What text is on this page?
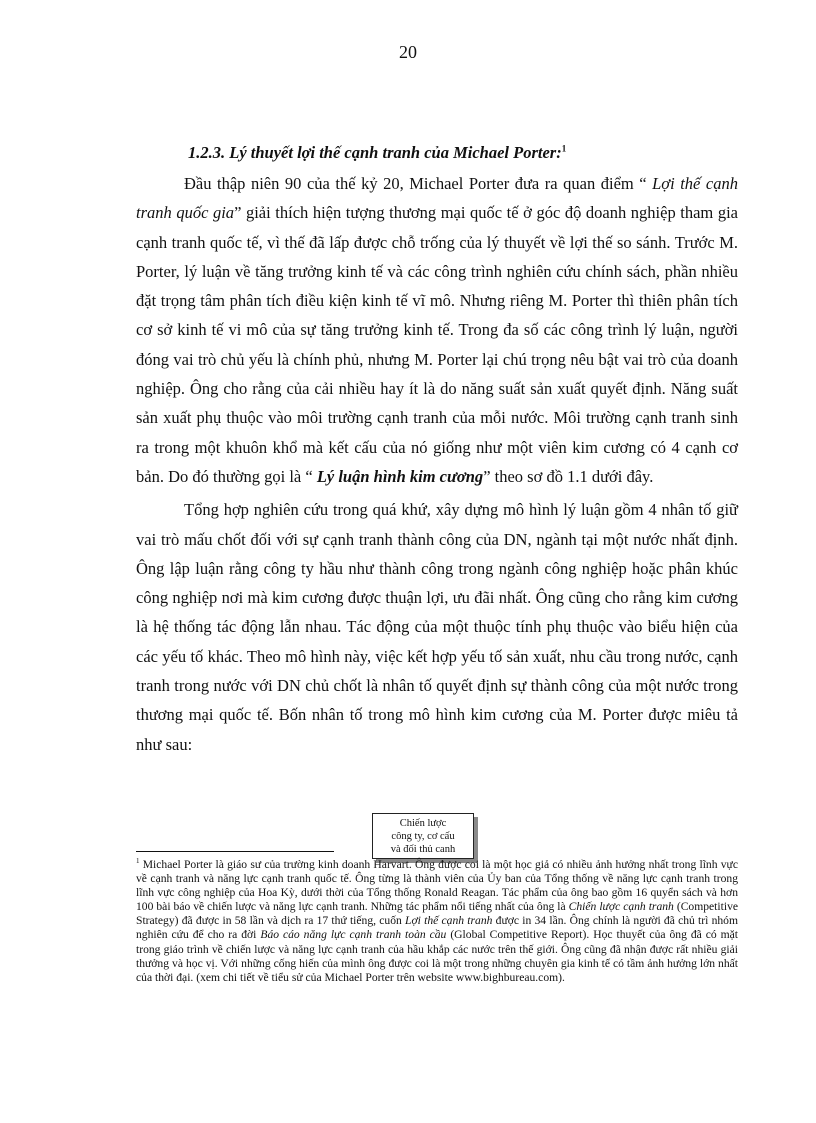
20
1.2.3. Lý thuyết lợi thế cạnh tranh của Michael Porter:$^1$

Đầu thập niên 90 của thế kỷ 20, Michael Porter đưa ra quan điểm “ Lợi thế cạnh tranh quốc gia” giải thích hiện tượng thương mại quốc tế ở góc độ doanh nghiệp tham gia cạnh tranh quốc tế, vì thế đã lấp được chỗ trống của lý thuyết về lợi thế so sánh. Trước M. Porter, lý luận về tăng trưởng kinh tế và các công trình nghiên cứu chính sách, phần nhiều đặt trọng tâm phân tích điều kiện kinh tế vĩ mô. Nhưng riêng M. Porter thì thiên phân tích cơ sở kinh tế vi mô của sự tăng trưởng kinh tế. Trong đa số các công trình lý luận, người đóng vai trò chủ yếu là chính phủ, nhưng M. Porter lại chú trọng nêu bật vai trò của doanh nghiệp. Ông cho rằng của cải nhiều hay ít là do năng suất sản xuất quyết định. Năng suất sản xuất phụ thuộc vào môi trường cạnh tranh của mỗi nước. Môi trường cạnh tranh sinh ra trong một khuôn khổ mà kết cấu của nó giống như một viên kim cương có 4 cạnh cơ bản. Do đó thường gọi là “ Lý luận hình kim cương” theo sơ đồ 1.1 dưới đây.

Tổng hợp nghiên cứu trong quá khứ, xây dựng mô hình lý luận gồm 4 nhân tố giữ vai trò mấu chốt đối với sự cạnh tranh thành công của DN, ngành tại một nước nhất định. Ông lập luận rằng công ty hầu như thành công trong ngành công nghiệp hoặc phân khúc công nghiệp nơi mà kim cương được thuận lợi, ưu đãi nhất. Ông cũng cho rằng kim cương là hệ thống tác động lẫn nhau. Tác động của một thuộc tính phụ thuộc vào biểu hiện của các yếu tố khác. Theo mô hình này, việc kết hợp yếu tố sản xuất, nhu cầu trong nước, cạnh tranh trong nước với DN chủ chốt là nhân tố quyết định sự thành công của một nước trong thương mại quốc tế. Bốn nhân tố trong mô hình kim cương của M. Porter được miêu tả như sau:

Chiến lược
công ty, cơ cấu
và đối thủ canh
$^1$ Michael Porter là giáo sư của trường kinh doanh Harvart. Ông được coi là một học giả có nhiều ảnh hưởng nhất trong lĩnh vực về cạnh tranh và năng lực cạnh tranh quốc tế. Ông từng là thành viên của Ủy ban của Tổng thống về năng lực cạnh tranh trong lĩnh vực công nghiệp của Hoa Kỳ, dưới thời của Tổng thống Ronald Reagan. Tác phẩm của ông bao gồm 16 quyển sách và hơn 100 bài báo về chiến lược và năng lực cạnh tranh. Những tác phẩm nổi tiếng nhất của ông là Chiến lược cạnh tranh (Competitive Strategy) đã được in 58 lần và dịch ra 17 thứ tiếng, cuốn Lợi thế cạnh tranh được in 34 lần. Ông chính là người đã chủ trì nhóm nghiên cứu để cho ra đời Báo cáo năng lực cạnh tranh toàn cầu (Global Competitive Report). Học thuyết của ông đã có mặt trong giáo trình về chiến lược và năng lực cạnh tranh của hầu khắp các nước trên thế giới. Ông cũng đã nhận được rất nhiều giải thưởng và học vị. Với những cống hiến của mình ông được coi là một trong những chuyên gia kinh tế có tầm ảnh hưởng lớn nhất của thời đại. (xem chi tiết về tiểu sử của Michael Porter trên website www.bighbureau.com).
